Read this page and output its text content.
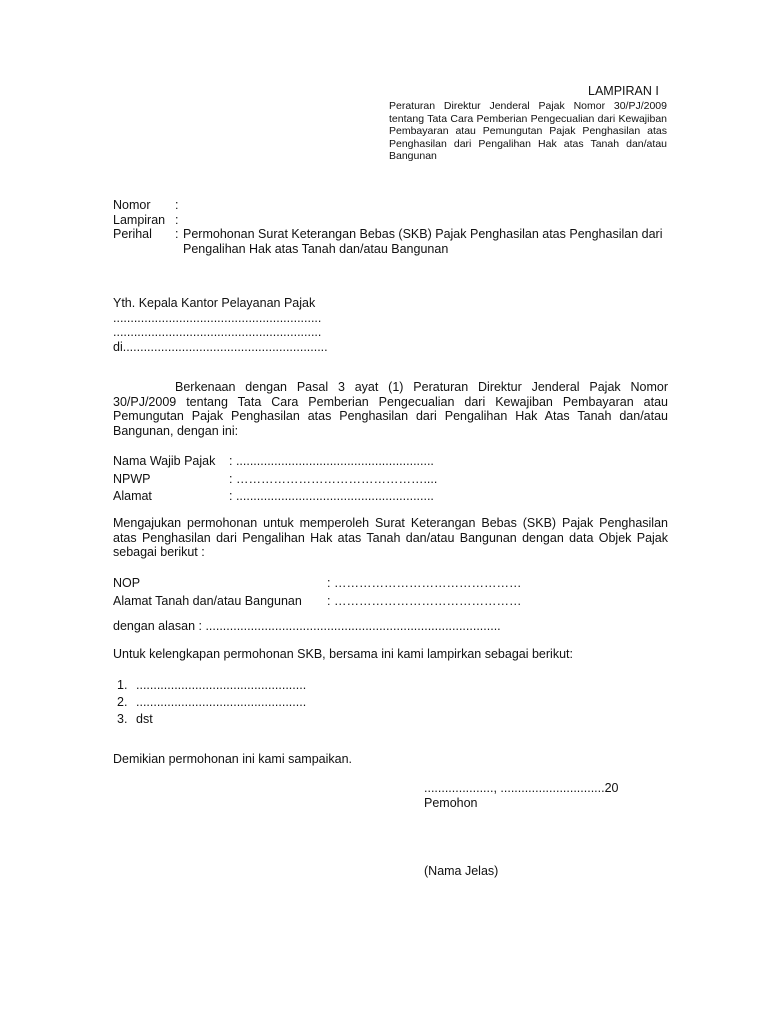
LAMPIRAN I
Peraturan Direktur Jenderal Pajak Nomor 30/PJ/2009 tentang Tata Cara Pemberian Pengecualian dari Kewajiban Pembayaran atau Pemungutan Pajak Penghasilan atas Penghasilan dari Pengalihan Hak atas Tanah dan/atau Bangunan
Nomor	:
Lampiran :
Perihal	: Permohonan Surat Keterangan Bebas (SKB) Pajak Penghasilan atas Penghasilan dari Pengalihan Hak atas Tanah dan/atau Bangunan
Yth. Kepala Kantor Pelayanan Pajak
............................................................
............................................................
di...........................................................
Berkenaan dengan Pasal 3 ayat (1) Peraturan Direktur Jenderal Pajak Nomor 30/PJ/2009 tentang Tata Cara Pemberian Pengecualian dari Kewajiban Pembayaran atau Pemungutan Pajak Penghasilan atas Penghasilan dari Pengalihan Hak Atas Tanah dan/atau Bangunan, dengan ini:
Nama Wajib Pajak	: .........................................................
NPWP	: ………………………………………....
Alamat	: .........................................................
Mengajukan permohonan untuk memperoleh Surat Keterangan Bebas (SKB) Pajak Penghasilan atas Penghasilan dari Pengalihan Hak atas Tanah dan/atau Bangunan dengan data Objek Pajak sebagai berikut :
NOP	: ………………………………………
Alamat Tanah dan/atau Bangunan	: ………………………………………
dengan alasan : .....................................................................................
Untuk kelengkapan permohonan SKB, bersama ini kami lampirkan sebagai berikut:
1. .................................................
2. .................................................
3. dst
Demikian permohonan ini kami sampaikan.
...................., ..............................20
Pemohon
(Nama Jelas)
